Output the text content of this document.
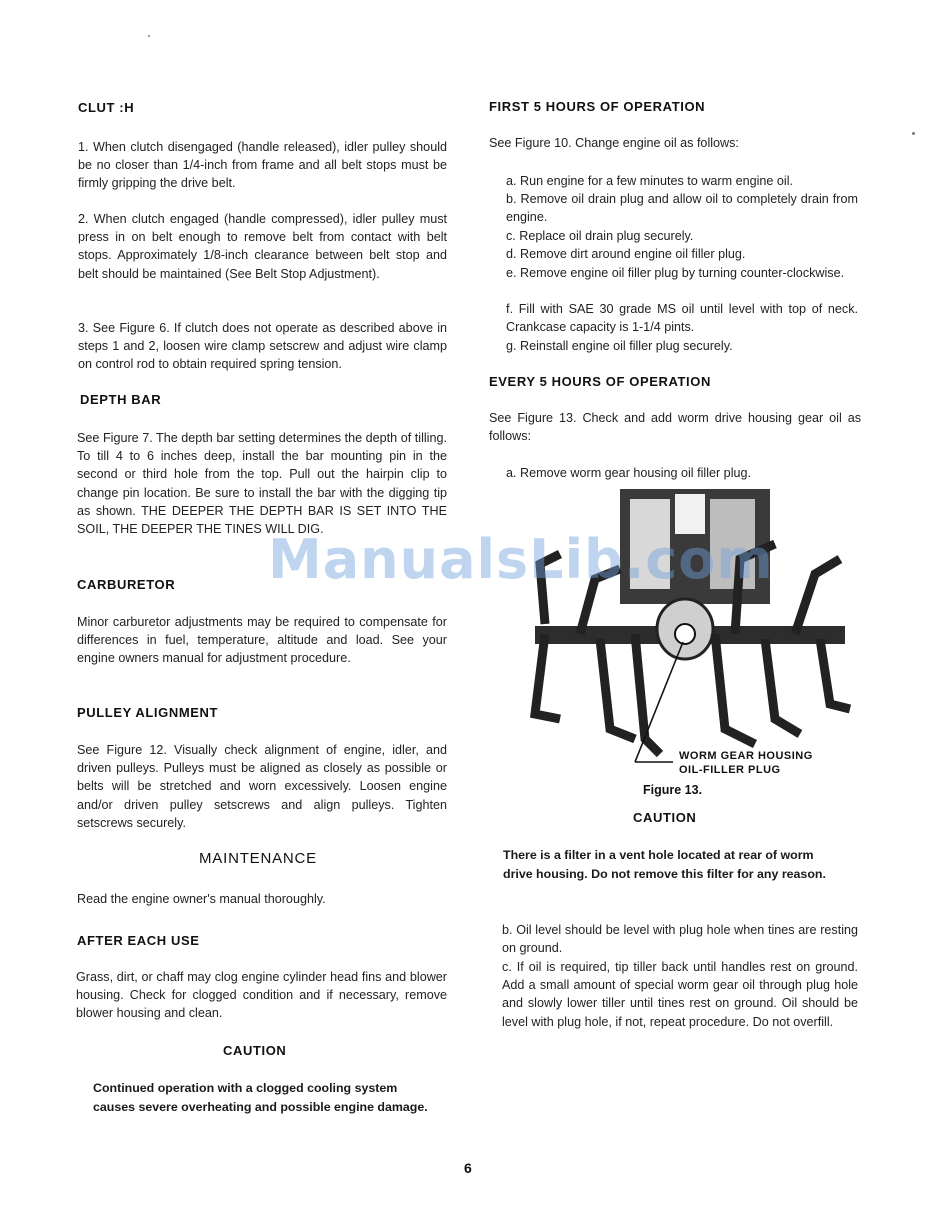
CLUT :H

1. When clutch disengaged (handle released), idler pulley should be no closer than 1/4-inch from frame and all belt stops must be firmly gripping the drive belt.

2. When clutch engaged (handle compressed), idler pulley must press in on belt enough to remove belt from contact with belt stops. Approximately 1/8-inch clearance between belt stop and belt should be maintained (See Belt Stop Adjustment).

3. See Figure 6. If clutch does not operate as described above in steps 1 and 2, loosen wire clamp setscrew and adjust wire clamp on control rod to obtain required spring tension.

DEPTH BAR

See Figure 7. The depth bar setting determines the depth of tilling. To till 4 to 6 inches deep, install the bar mounting pin in the second or third hole from the top. Pull out the hairpin clip to change pin location. Be sure to install the bar with the digging tip as shown. THE DEEPER THE DEPTH BAR IS SET INTO THE SOIL, THE DEEPER THE TINES WILL DIG.

CARBURETOR

Minor carburetor adjustments may be required to compensate for differences in fuel, temperature, altitude and load. See your engine owners manual for adjustment procedure.

PULLEY ALIGNMENT

See Figure 12. Visually check alignment of engine, idler, and driven pulleys. Pulleys must be aligned as closely as possible or belts will be stretched and worn excessively. Loosen engine and/or driven pulley setscrews and align pulleys. Tighten setscrews securely.

MAINTENANCE

Read the engine owner's manual thoroughly.

AFTER EACH USE

Grass, dirt, or chaff may clog engine cylinder head fins and blower housing. Check for clogged condition and if necessary, remove blower housing and clean.

CAUTION

Continued operation with a clogged cooling system causes severe overheating and possible engine damage.

FIRST 5 HOURS OF OPERATION

See Figure 10. Change engine oil as follows:

a. Run engine for a few minutes to warm engine oil.

b. Remove oil drain plug and allow oil to completely drain from engine.

c. Replace oil drain plug securely.

d. Remove dirt around engine oil filler plug.

e. Remove engine oil filler plug by turning counter-clockwise.

f. Fill with SAE 30 grade MS oil until level with top of neck. Crankcase capacity is 1-1/4 pints.

g. Reinstall engine oil filler plug securely.

EVERY 5 HOURS OF OPERATION

See Figure 13. Check and add worm drive housing gear oil as follows:

a. Remove worm gear housing oil filler plug.

WORM GEAR HOUSING

OIL-FILLER PLUG

Figure 13.

CAUTION

There is a filter in a vent hole located at rear of worm drive housing. Do not remove this filter for any reason.

b. Oil level should be level with plug hole when tines are resting on ground.

c. If oil is required, tip tiller back until handles rest on ground. Add a small amount of special worm gear oil through plug hole and slowly lower tiller until tines rest on ground. Oil should be level with plug hole, if not, repeat procedure. Do not overfill.

ManualsLib.com
6
